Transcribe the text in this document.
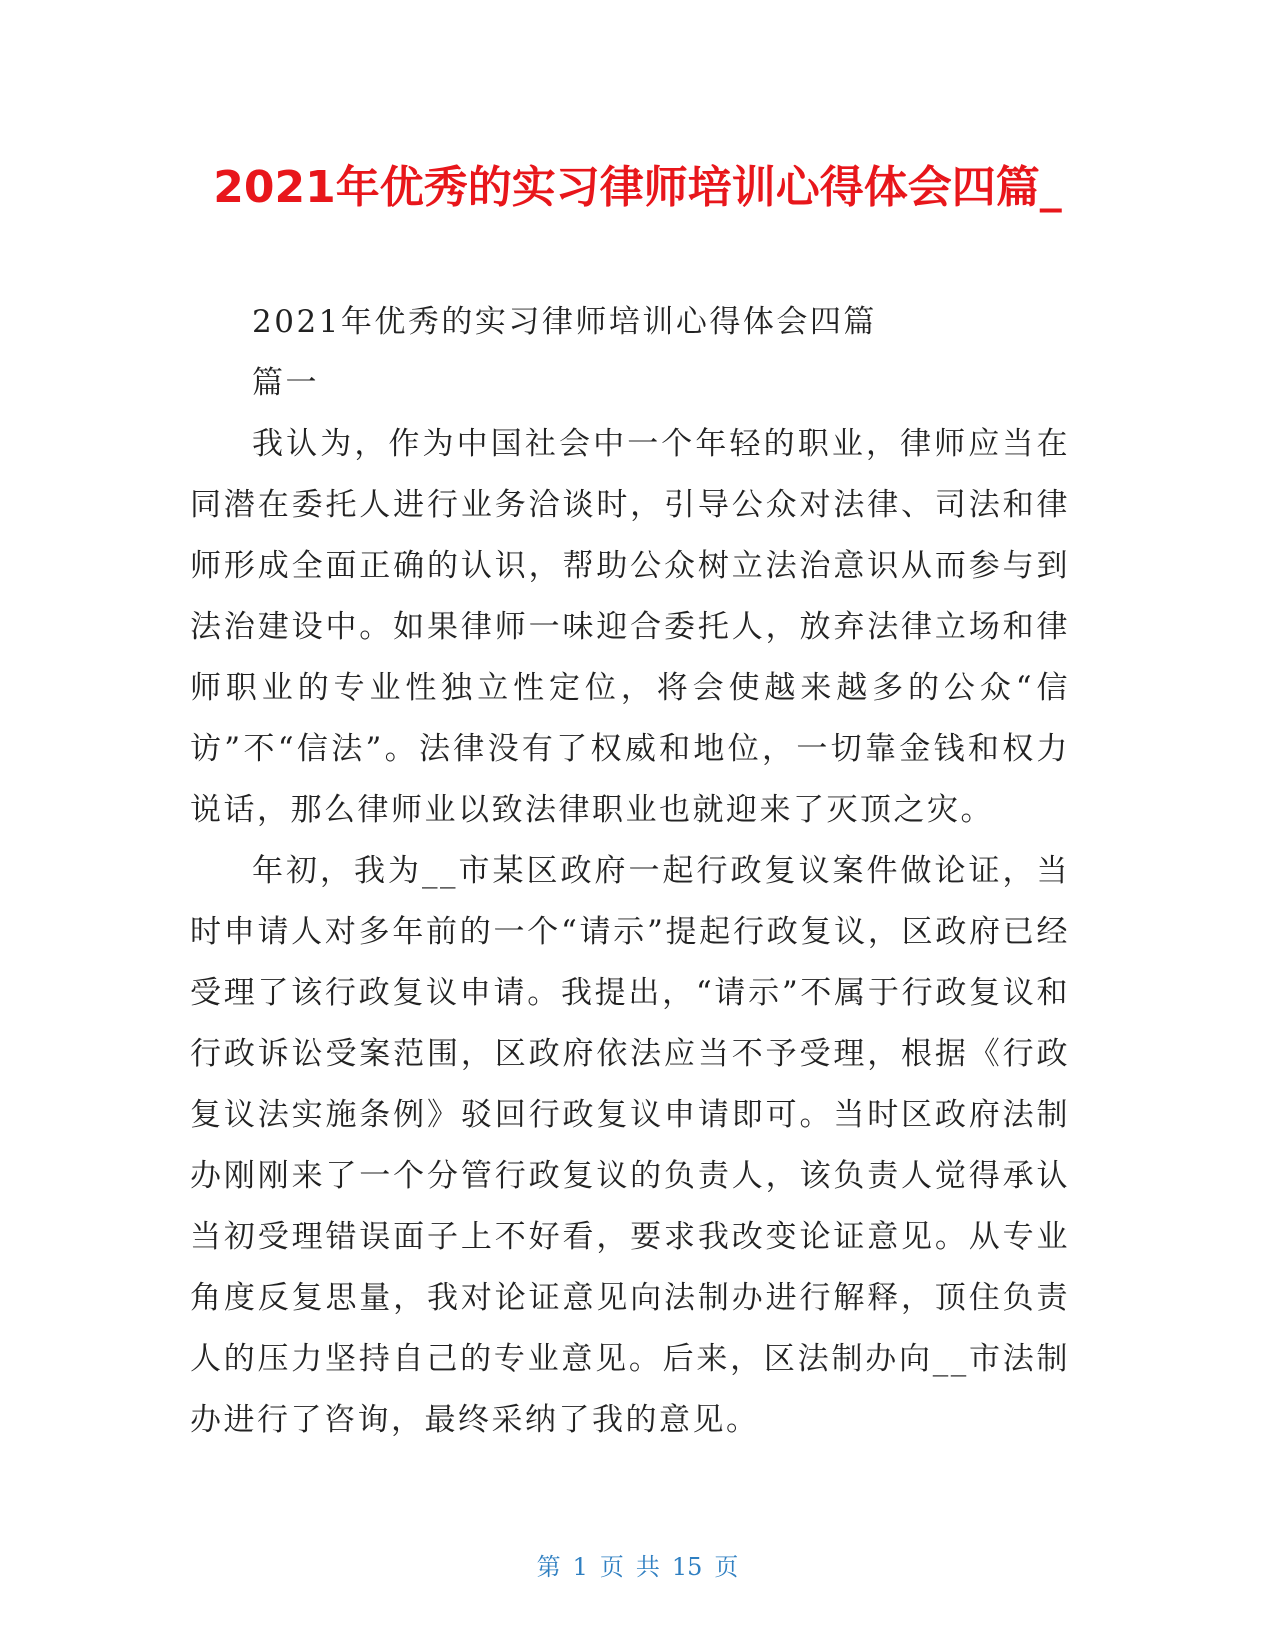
2021年优秀的实习律师培训心得体会四篇_

2021年优秀的实习律师培训心得体会四篇

篇一

我认为，作为中国社会中一个年轻的职业，律师应当在同潜在委托人进行业务洽谈时，引导公众对法律、司法和律师形成全面正确的认识，帮助公众树立法治意识从而参与到法治建设中。如果律师一味迎合委托人，放弃法律立场和律师职业的专业性独立性定位，将会使越来越多的公众“信访”不“信法”。法律没有了权威和地位，一切靠金钱和权力说话，那么律师业以致法律职业也就迎来了灭顶之灾。

年初，我为__市某区政府一起行政复议案件做论证，当时申请人对多年前的一个“请示”提起行政复议，区政府已经受理了该行政复议申请。我提出，“请示”不属于行政复议和行政诉讼受案范围，区政府依法应当不予受理，根据《行政复议法实施条例》驳回行政复议申请即可。当时区政府法制办刚刚来了一个分管行政复议的负责人，该负责人觉得承认当初受理错误面子上不好看，要求我改变论证意见。从专业角度反复思量，我对论证意见向法制办进行解释，顶住负责人的压力坚持自己的专业意见。后来，区法制办向__市法制办进行了咨询，最终采纳了我的意见。

第 1 页 共 15 页
